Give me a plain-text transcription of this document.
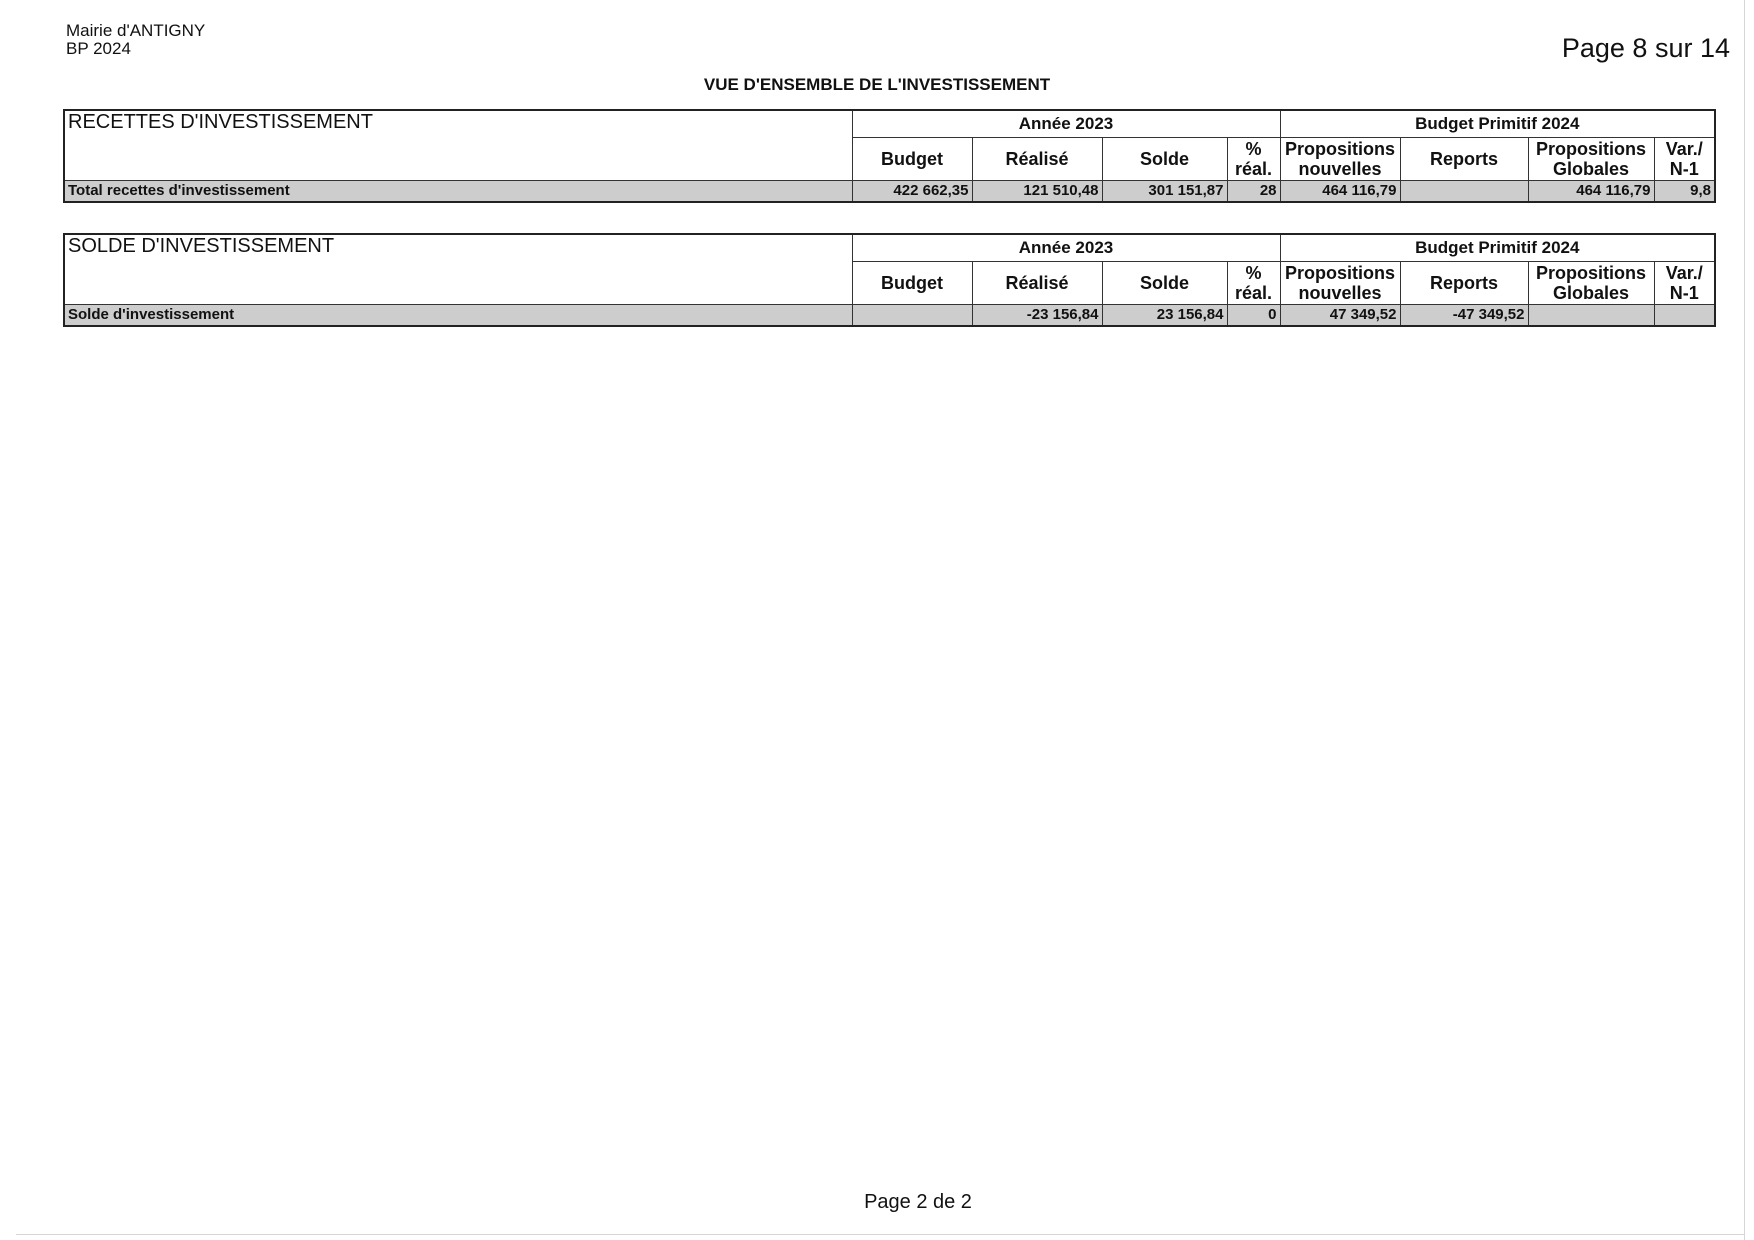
Mairie d'ANTIGNY
BP 2024	Page 8 sur 14
VUE D'ENSEMBLE DE L'INVESTISSEMENT
RECETTES D'INVESTISSEMENT	Année 2023				Budget Primitif 2024			
	Budget	Réalisé	Solde	% réal.	Propositions nouvelles	Reports	Propositions Globales	Var./ N-1
Total recettes d'investissement	422 662,35	121 510,48	301 151,87	28	464 116,79		464 116,79	9,8
SOLDE D'INVESTISSEMENT	Année 2023				Budget Primitif 2024			
	Budget	Réalisé	Solde	% réal.	Propositions nouvelles	Reports	Propositions Globales	Var./ N-1
Solde d'investissement		-23 156,84	23 156,84	0	47 349,52	-47 349,52		
Page 2 de 2
